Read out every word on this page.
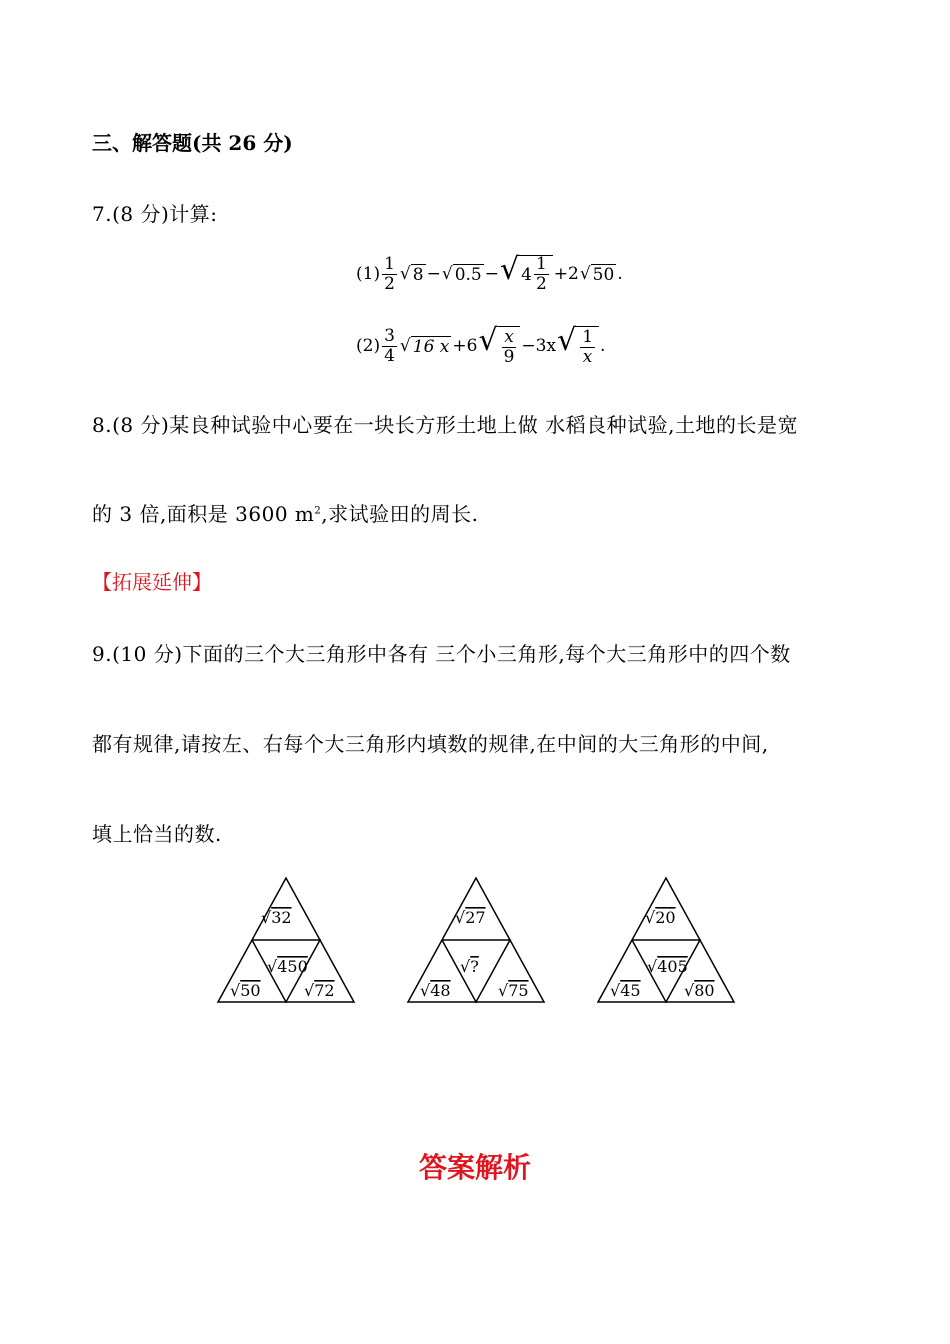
三、解答题(共 26 分)
7.(8 分)计算:
$(1) \frac{1}{2}$ √ 8 − √ 0.5 − √ $4 \frac{1}{2} +2$ √ 50 .
$(2) \frac{3}{4}$ √ 16 x +6 √ $\frac{x}{9} -3x$ √ $\frac{1}{x}$ .
8.(8 分)某良种试验中心要在一块长方形土地上做 水稻良种试验,土地的长是宽
的 3 倍,面积是 3600 $m^2$,求试验田的周长.
【拓展延伸】
9.(10 分)下面的三个大三角形中各有 三个小三角形,每个大三角形中的四个数
都有规律,请按左、右每个大三角形内填数的规律,在中间的大三角形的中间,
填上恰当的数.
√32
√450
√50	√72
√27
√?
√48	√75
√20
√405
√45	√80
答案解析
